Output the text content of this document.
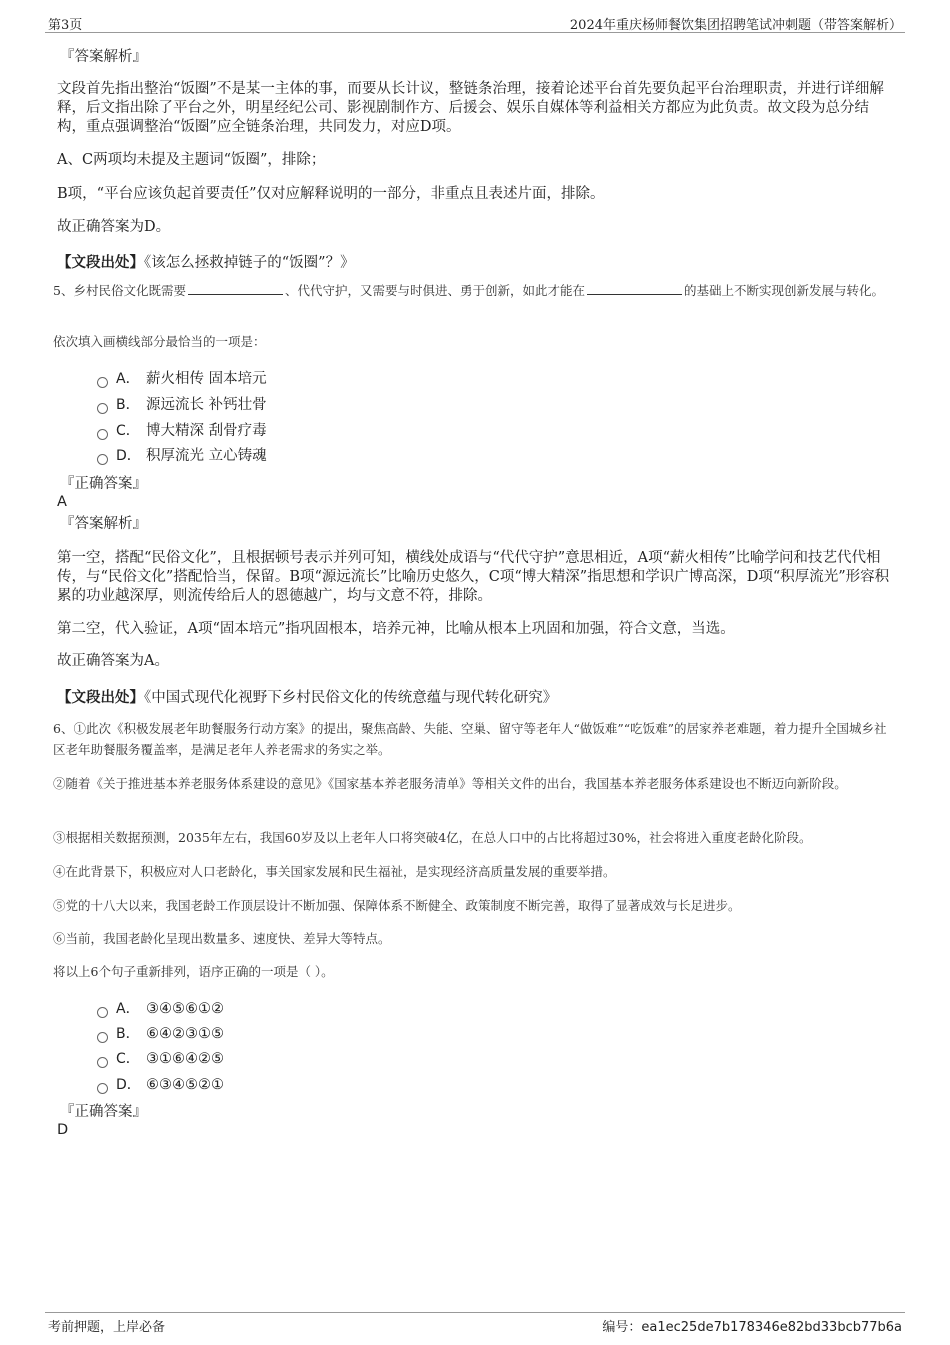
第3页	2024年重庆杨师餐饮集团招聘笔试冲刺题（带答案解析）
『答案解析』
文段首先指出整治“饭圈”不是某一主体的事，而要从长计议，整链条治理，接着论述平台首先要负起平台治理职责，并进行详细解释，后文指出除了平台之外，明星经纪公司、影视剧制作方、后援会、娱乐自媒体等利益相关方都应为此负责。故文段为总分结构，重点强调整治“饭圈”应全链条治理，共同发力，对应D项。
A、C两项均未提及主题词“饭圈”，排除；
B项，“平台应该负起首要责任”仅对应解释说明的一部分，非重点且表述片面，排除。
故正确答案为D。
【文段出处】《该怎么拯救掉链子的“饭圈”？》
5、乡村民俗文化既需要	、代代守护，又需要与时俱进、勇于创新，如此才能在	的基础上不断实现创新发展与转化。
依次填入画横线部分最恰当的一项是：
A． 薪火相传 固本培元
B． 源远流长 补钙壮骨
C． 博大精深 刮骨疗毒
D． 积厚流光 立心铸魂
『正确答案』
A
『答案解析』
第一空，搭配“民俗文化”，且根据顿号表示并列可知，横线处成语与“代代守护”意思相近，A项“薪火相传”比喻学问和技艺代代相传，与“民俗文化”搭配恰当，保留。B项“源远流长”比喻历史悠久，C项“博大精深”指思想和学识广博高深，D项“积厚流光”形容积累的功业越深厚，则流传给后人的恩德越广，均与文意不符，排除。
第二空，代入验证，A项“固本培元”指巩固根本，培养元神，比喻从根本上巩固和加强，符合文意，当选。
故正确答案为A。
【文段出处】《中国式现代化视野下乡村民俗文化的传统意蕴与现代转化研究》
6、①此次《积极发展老年助餐服务行动方案》的提出，聚焦高龄、失能、空巢、留守等老年人“做饭难”“吃饭难”的居家养老难题，着力提升全国城乡社区老年助餐服务覆盖率，是满足老年人养老需求的务实之举。
②随着《关于推进基本养老服务体系建设的意见》《国家基本养老服务清单》等相关文件的出台，我国基本养老服务体系建设也不断迈向新阶段。
③根据相关数据预测，2035年左右，我国60岁及以上老年人口将突破4亿，在总人口中的占比将超过30%，社会将进入重度老龄化阶段。
④在此背景下，积极应对人口老龄化，事关国家发展和民生福祉，是实现经济高质量发展的重要举措。
⑤党的十八大以来，我国老龄工作顶层设计不断加强、保障体系不断健全、政策制度不断完善，取得了显著成效与长足进步。
⑥当前，我国老龄化呈现出数量多、速度快、差异大等特点。
将以上6个句子重新排列，语序正确的一项是（ ）。
A． ③④⑤⑥①②
B． ⑥④②③①⑤
C． ③①⑥④②⑤
D． ⑥③④⑤②①
『正确答案』
D
考前押题，上岸必备	编号：ea1ec25de7b178346e82bd33bcb77b6a
